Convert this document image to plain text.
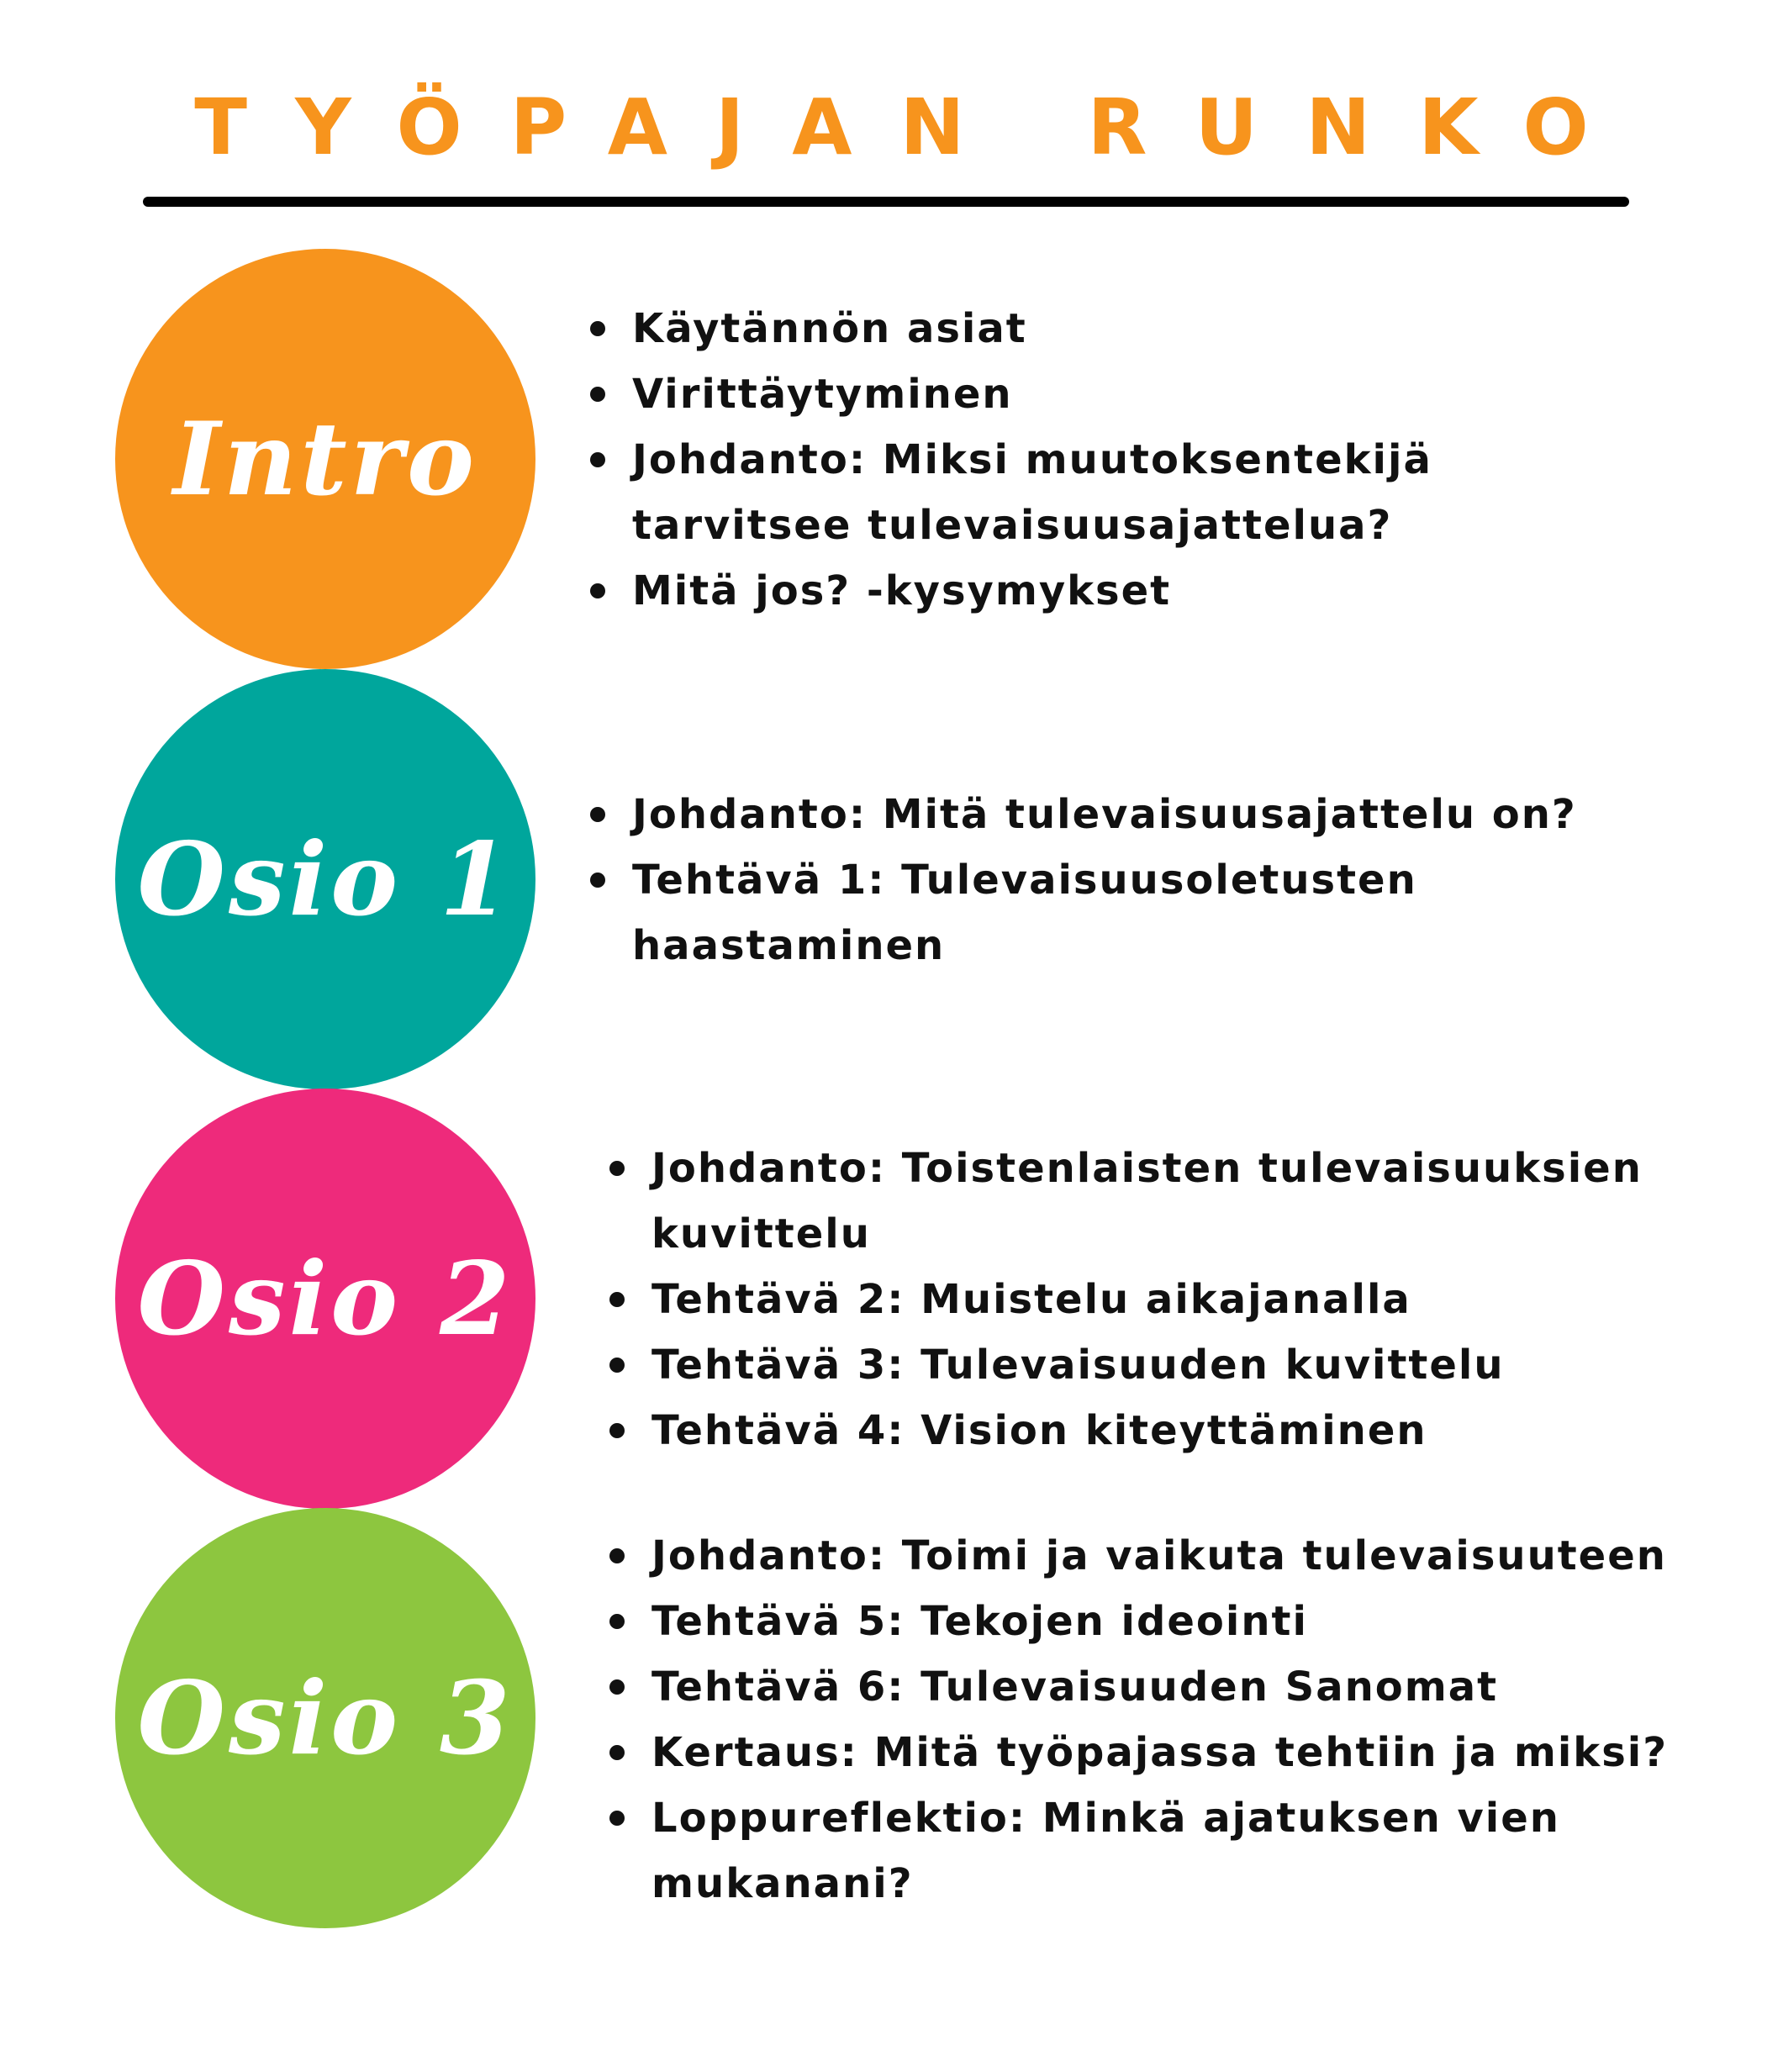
TYÖPAJAN RUNKO
Intro
Käytännön asiat
Virittäytyminen
Johdanto: Miksi muutoksentekijä tarvitsee tulevaisuusajattelua?
Mitä jos? -kysymykset
Osio 1
Johdanto: Mitä tulevaisuusajattelu on?
Tehtävä 1: Tulevaisuusoletusten haastaminen
Osio 2
Johdanto: Toistenlaisten tulevaisuuksien kuvittelu
Tehtävä 2: Muistelu aikajanalla
Tehtävä 3: Tulevaisuuden kuvittelu
Tehtävä 4: Vision kiteyttäminen
Osio 3
Johdanto: Toimi ja vaikuta tulevaisuuteen
Tehtävä 5: Tekojen ideointi
Tehtävä 6: Tulevaisuuden Sanomat
Kertaus: Mitä työpajassa tehtiin ja miksi?
Loppureflektio: Minkä ajatuksen vien mukanani?
